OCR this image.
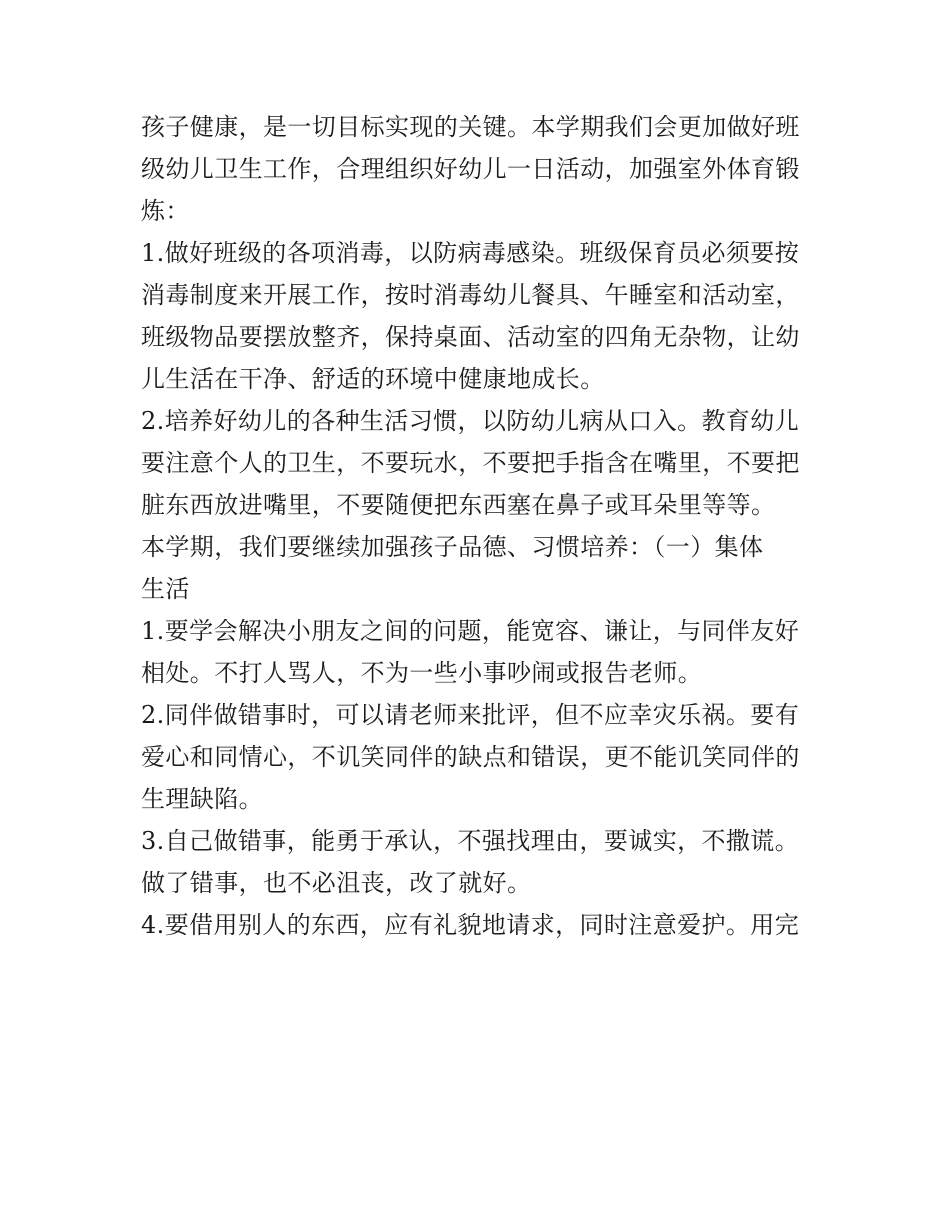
孩子健康，是一切目标实现的关键。本学期我们会更加做好班
级幼儿卫生工作，合理组织好幼儿一日活动，加强室外体育锻
炼：
1.做好班级的各项消毒，以防病毒感染。班级保育员必须要按
消毒制度来开展工作，按时消毒幼儿餐具、午睡室和活动室，
班级物品要摆放整齐，保持桌面、活动室的四角无杂物，让幼
儿生活在干净、舒适的环境中健康地成长。
2.培养好幼儿的各种生活习惯，以防幼儿病从口入。教育幼儿
要注意个人的卫生，不要玩水，不要把手指含在嘴里，不要把
脏东西放进嘴里，不要随便把东西塞在鼻子或耳朵里等等。
本学期，我们要继续加强孩子品德、习惯培养：（一）集体
生活
1.要学会解决小朋友之间的问题，能宽容、谦让，与同伴友好
相处。不打人骂人，不为一些小事吵闹或报告老师。
2.同伴做错事时，可以请老师来批评，但不应幸灾乐祸。要有
爱心和同情心，不讥笑同伴的缺点和错误，更不能讥笑同伴的
生理缺陷。
3.自己做错事，能勇于承认，不强找理由，要诚实，不撒谎。
做了错事，也不必沮丧，改了就好。
4.要借用别人的东西，应有礼貌地请求，同时注意爱护。用完
